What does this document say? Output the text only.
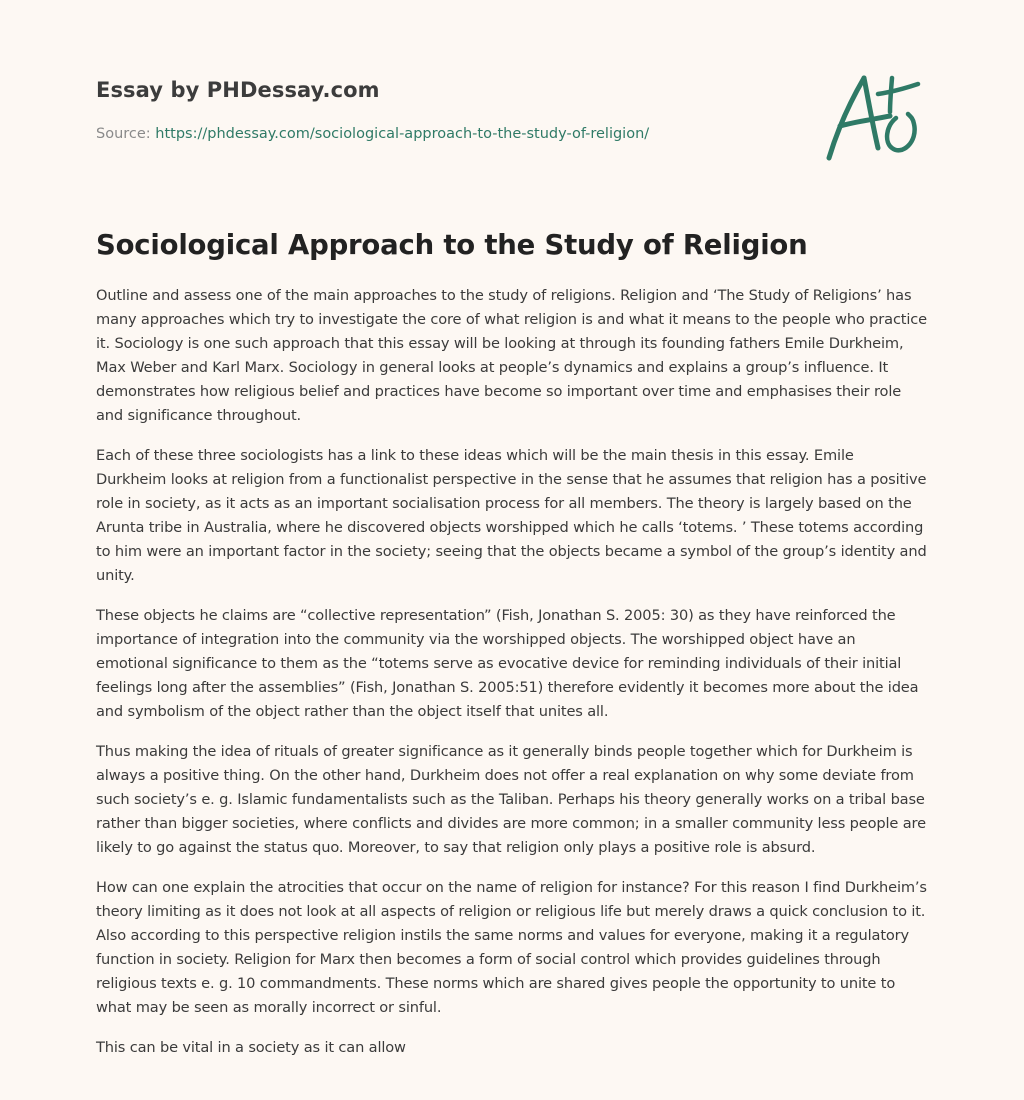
Essay by PHDessay.com
Source: https://phdessay.com/sociological-approach-to-the-study-of-religion/
Sociological Approach to the Study of Religion

Outline and assess one of the main approaches to the study of religions. Religion and ‘The Study of Religions’ has many approaches which try to investigate the core of what religion is and what it means to the people who practice it. Sociology is one such approach that this essay will be looking at through its founding fathers Emile Durkheim, Max Weber and Karl Marx. Sociology in general looks at people’s dynamics and explains a group’s influence. It demonstrates how religious belief and practices have become so important over time and emphasises their role and significance throughout.

Each of these three sociologists has a link to these ideas which will be the main thesis in this essay. Emile Durkheim looks at religion from a functionalist perspective in the sense that he assumes that religion has a positive role in society, as it acts as an important socialisation process for all members. The theory is largely based on the Arunta tribe in Australia, where he discovered objects worshipped which he calls ‘totems. ’ These totems according to him were an important factor in the society; seeing that the objects became a symbol of the group’s identity and unity.

These objects he claims are “collective representation” (Fish, Jonathan S. 2005: 30) as they have reinforced the importance of integration into the community via the worshipped objects. The worshipped object have an emotional significance to them as the “totems serve as evocative device for reminding individuals of their initial feelings long after the assemblies” (Fish, Jonathan S. 2005:51) therefore evidently it becomes more about the idea and symbolism of the object rather than the object itself that unites all.

Thus making the idea of rituals of greater significance as it generally binds people together which for Durkheim is always a positive thing. On the other hand, Durkheim does not offer a real explanation on why some deviate from such society’s e. g. Islamic fundamentalists such as the Taliban. Perhaps his theory generally works on a tribal base rather than bigger societies, where conflicts and divides are more common; in a smaller community less people are likely to go against the status quo. Moreover, to say that religion only plays a positive role is absurd.

How can one explain the atrocities that occur on the name of religion for instance? For this reason I find Durkheim’s theory limiting as it does not look at all aspects of religion or religious life but merely draws a quick conclusion to it. Also according to this perspective religion instils the same norms and values for everyone, making it a regulatory function in society. Religion for Marx then becomes a form of social control which provides guidelines through religious texts e. g. 10 commandments. These norms which are shared gives people the opportunity to unite to what may be seen as morally incorrect or sinful.

This can be vital in a society as it can allow
